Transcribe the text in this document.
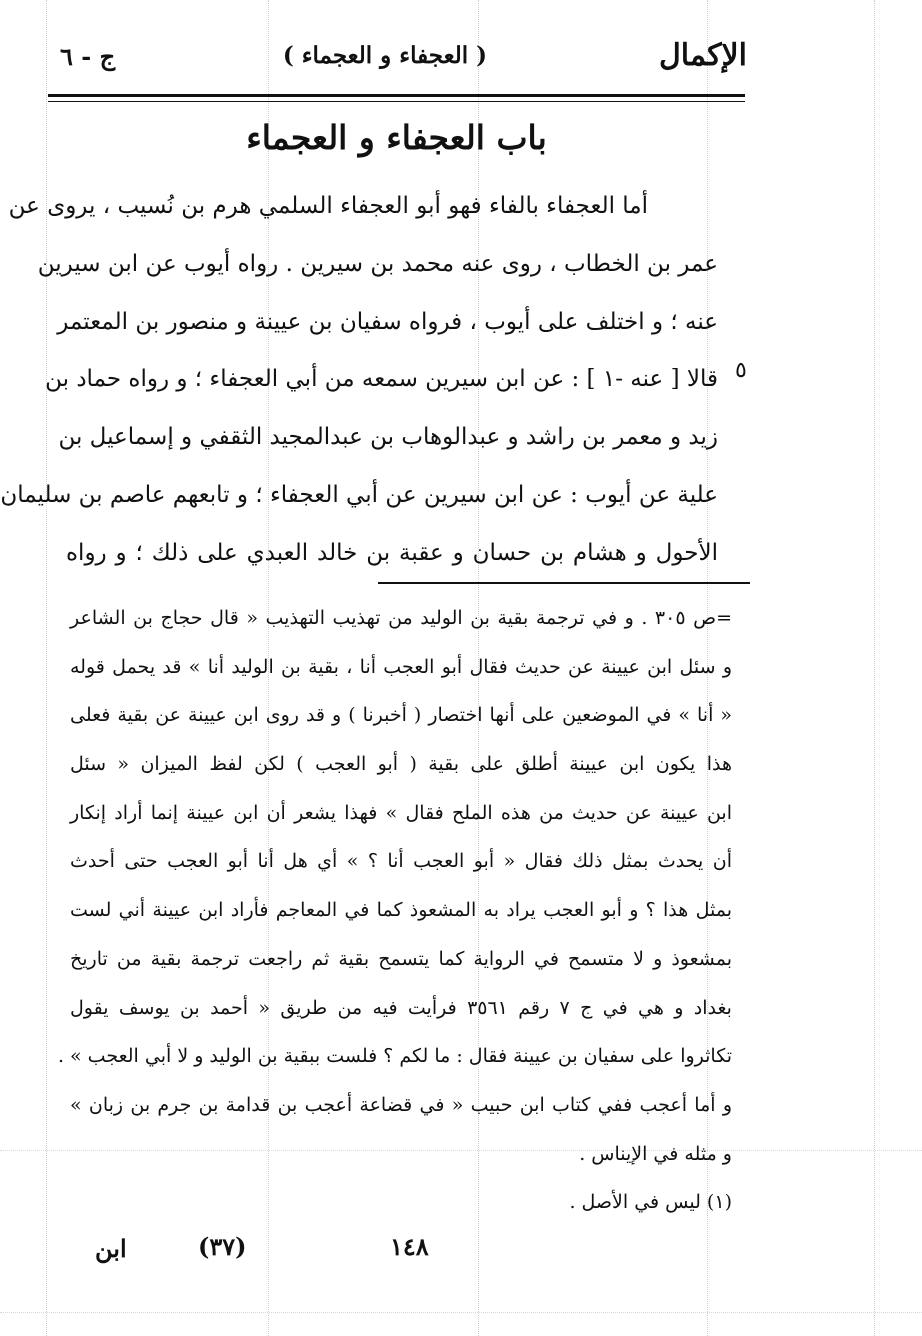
الإكمال
( العجفاء و العجماء )
ج - ٦
باب العجفاء و العجماء
أما العجفاء بالفاء فهو أبو العجفاء السلمي هرم بن نُسيب ، يروى عن
عمر بن الخطاب ، روى عنه محمد بن سيرين . رواه أيوب عن ابن سيرين
عنه ؛ و اختلف على أيوب ، فرواه سفيان بن عيينة و منصور بن المعتمر
قالا [ عنه -١ ] : عن ابن سيرين سمعه من أبي العجفاء ؛ و رواه حماد بن
زيد و معمر بن راشد و عبدالوهاب بن عبدالمجيد الثقفي و إسماعيل بن
علية عن أيوب : عن ابن سيرين عن أبي العجفاء ؛ و تابعهم عاصم بن سليمان
الأحول و هشام بن حسان و عقبة بن خالد العبدي على ذلك ؛ و رواه
٥
=ص ٣٠٥ . و في ترجمة بقية بن الوليد من تهذيب التهذيب « قال حجاج بن الشاعر
و سئل ابن عيينة عن حديث فقال أبو العجب أنا ، بقية بن الوليد أنا » قد يحمل قوله
« أنا » في الموضعين على أنها اختصار ( أخبرنا ) و قد روى ابن عيينة عن بقية فعلى
هذا يكون ابن عيينة أطلق على بقية ( أبو العجب ) لكن لفظ الميزان « سئل
ابن عيينة عن حديث من هذه الملح فقال » فهذا يشعر أن ابن عيينة إنما أراد إنكار
أن يحدث بمثل ذلك فقال « أبو العجب أنا ؟ » أي هل أنا أبو العجب حتى أحدث
بمثل هذا ؟ و أبو العجب يراد به المشعوذ كما في المعاجم فأراد ابن عيينة أني لست
بمشعوذ و لا متسمح في الرواية كما يتسمح بقية ثم راجعت ترجمة بقية من تاريخ
بغداد و هي في ج ٧ رقم ٣٥٦١ فرأيت فيه من طريق « أحمد بن يوسف يقول
تكاثروا على سفيان بن عيينة فقال : ما لكم ؟ فلست ببقية بن الوليد و لا أبي العجب » .
و أما أعجب ففي كتاب ابن حبيب « في قضاعة أعجب بن قدامة بن جرم بن زبان »
و مثله في الإيناس .
(١) ليس في الأصل .
١٤٨
(٣٧)
ابن
